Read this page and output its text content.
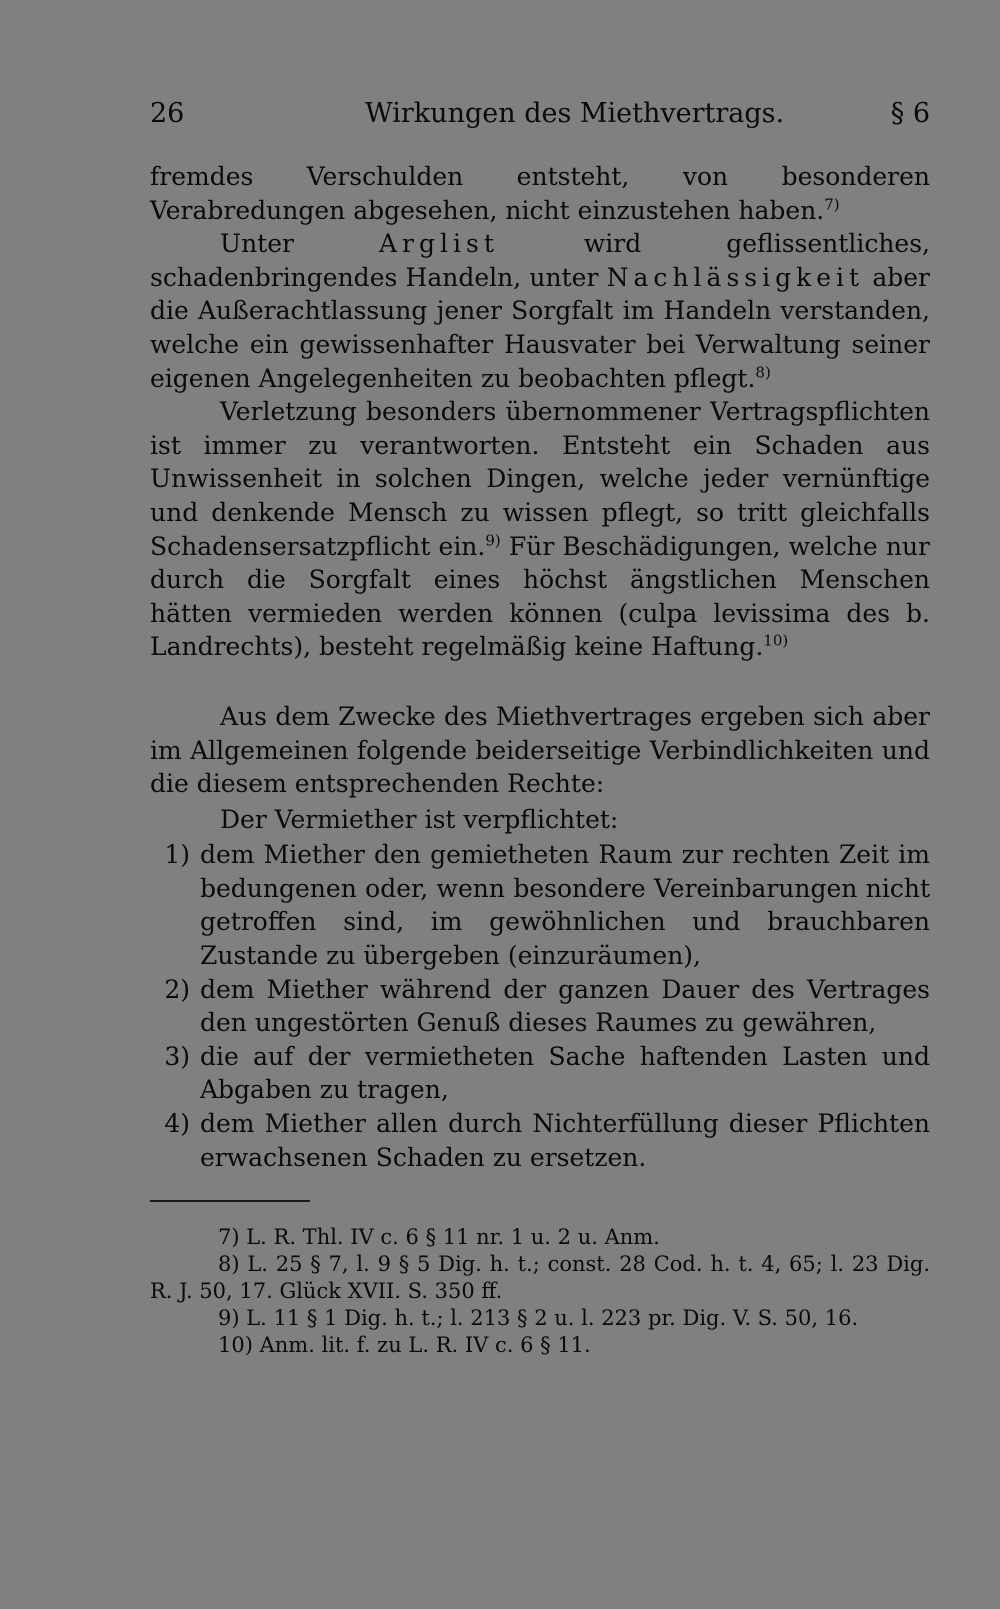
26	Wirkungen des Miethvertrags.	§ 6

fremdes Verschulden entsteht, von besonderen Verabredungen abgesehen, nicht einzustehen haben.$^{7)}$

Unter Arglist wird geflissentliches, schadenbringendes Handeln, unter Nachlässigkeit aber die Außerachtlassung jener Sorgfalt im Handeln verstanden, welche ein gewissenhafter Hausvater bei Verwaltung seiner eigenen Angelegenheiten zu beobachten pflegt.$^{8)}$

Verletzung besonders übernommener Vertragspflichten ist immer zu verantworten. Entsteht ein Schaden aus Unwissenheit in solchen Dingen, welche jeder vernünftige und denkende Mensch zu wissen pflegt, so tritt gleichfalls Schadensersatzpflicht ein.$^{9)}$ Für Beschädigungen, welche nur durch die Sorgfalt eines höchst ängstlichen Menschen hätten vermieden werden können (culpa levissima des b. Landrechts), besteht regelmäßig keine Haftung.$^{10)}$

Aus dem Zwecke des Miethvertrages ergeben sich aber im Allgemeinen folgende beiderseitige Verbindlichkeiten und die diesem entsprechenden Rechte:

Der Vermiether ist verpflichtet:

1) dem Miether den gemietheten Raum zur rechten Zeit im bedungenen oder, wenn besondere Vereinbarungen nicht getroffen sind, im gewöhnlichen und brauchbaren Zustande zu übergeben (einzuräumen),
2) dem Miether während der ganzen Dauer des Vertrages den ungestörten Genuß dieses Raumes zu gewähren,
3) die auf der vermietheten Sache haftenden Lasten und Abgaben zu tragen,
4) dem Miether allen durch Nichterfüllung dieser Pflichten erwachsenen Schaden zu ersetzen.

7) L. R. Thl. IV c. 6 § 11 nr. 1 u. 2 u. Anm.

8) L. 25 § 7, l. 9 § 5 Dig. h. t.; const. 28 Cod. h. t. 4, 65; l. 23 Dig. R. J. 50, 17. Glück XVII. S. 350 ff.

9) L. 11 § 1 Dig. h. t.; l. 213 § 2 u. l. 223 pr. Dig. V. S. 50, 16.

10) Anm. lit. f. zu L. R. IV c. 6 § 11.
